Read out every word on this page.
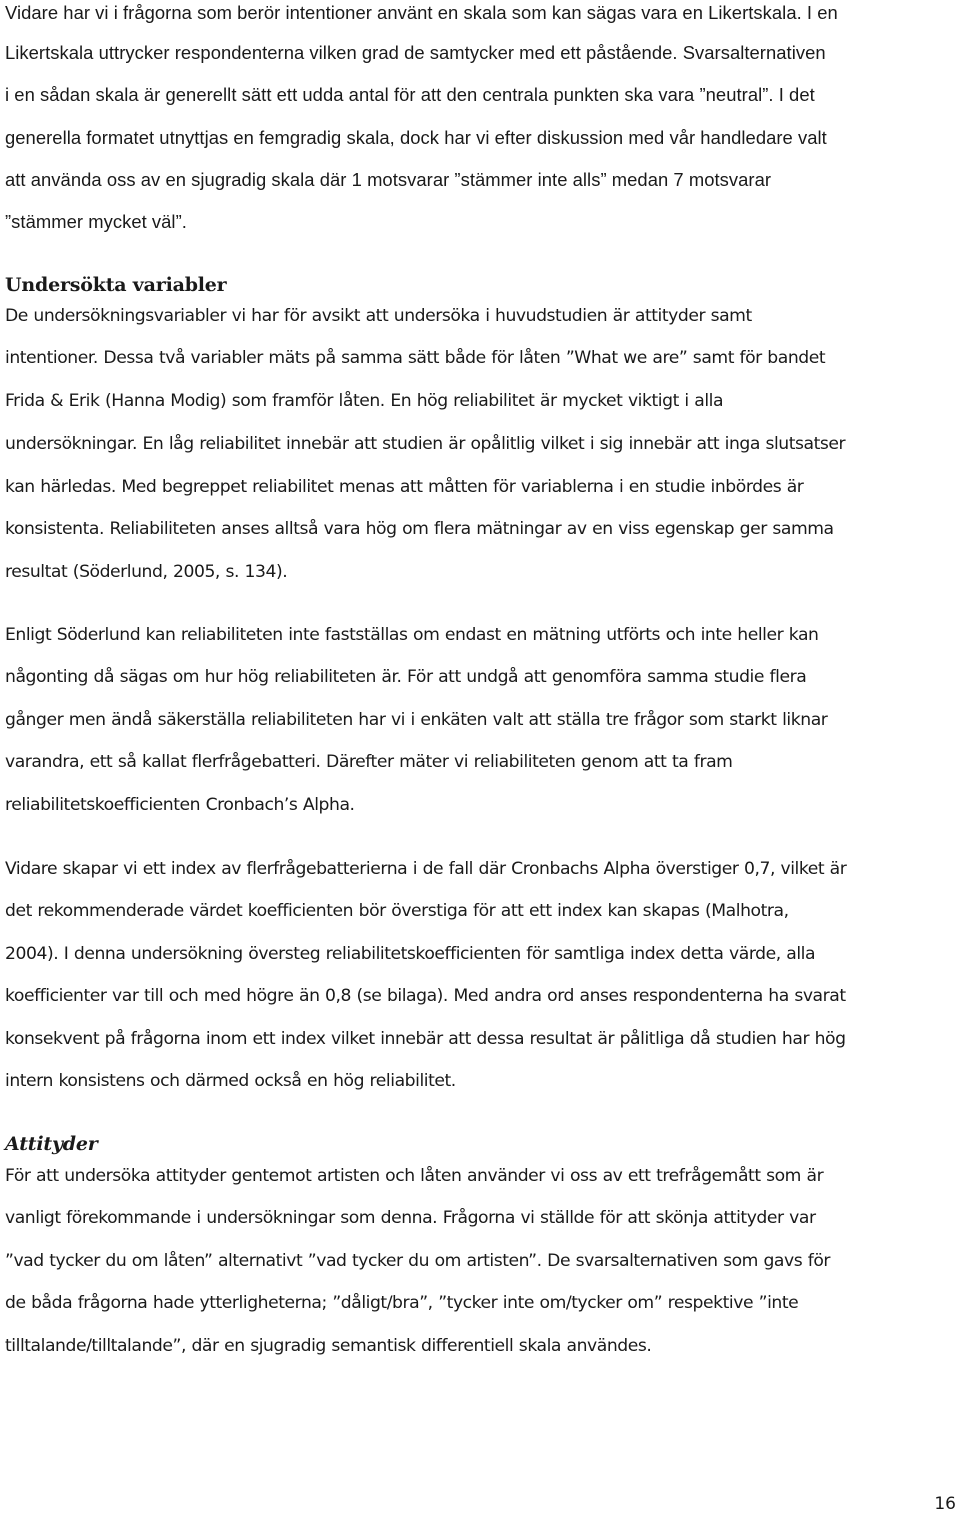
Vidare har vi i frågorna som berör intentioner använt en skala som kan sägas vara en Likertskala. I en
Likertskala uttrycker respondenterna vilken grad de samtycker med ett påstående. Svarsalternativen
i en sådan skala är generellt sätt ett udda antal för att den centrala punkten ska vara ”neutral”. I det
generella formatet utnyttjas en femgradig skala, dock har vi efter diskussion med vår handledare valt
att använda oss av en sjugradig skala där 1 motsvarar ”stämmer inte alls” medan 7 motsvarar
”stämmer mycket väl”.
Undersökta variabler
De undersökningsvariabler vi har för avsikt att undersöka i huvudstudien är attityder samt
intentioner. Dessa två variabler mäts på samma sätt både för låten ”What we are” samt för bandet
Frida & Erik (Hanna Modig) som framför låten. En hög reliabilitet är mycket viktigt i alla
undersökningar. En låg reliabilitet innebär att studien är opålitlig vilket i sig innebär att inga slutsatser
kan härledas. Med begreppet reliabilitet menas att måtten för variablerna i en studie inbördes är
konsistenta. Reliabiliteten anses alltså vara hög om flera mätningar av en viss egenskap ger samma
resultat (Söderlund, 2005, s. 134).
Enligt Söderlund kan reliabiliteten inte fastställas om endast en mätning utförts och inte heller kan
någonting då sägas om hur hög reliabiliteten är. För att undgå att genomföra samma studie flera
gånger men ändå säkerställa reliabiliteten har vi i enkäten valt att ställa tre frågor som starkt liknar
varandra, ett så kallat flerfrågebatteri. Därefter mäter vi reliabiliteten genom att ta fram
reliabilitetskoefficienten Cronbach’s Alpha.
Vidare skapar vi ett index av flerfrågebatterierna i de fall där Cronbachs Alpha överstiger 0,7, vilket är
det rekommenderade värdet koefficienten bör överstiga för att ett index kan skapas (Malhotra,
2004). I denna undersökning översteg reliabilitetskoefficienten för samtliga index detta värde, alla
koefficienter var till och med högre än 0,8 (se bilaga). Med andra ord anses respondenterna ha svarat
konsekvent på frågorna inom ett index vilket innebär att dessa resultat är pålitliga då studien har hög
intern konsistens och därmed också en hög reliabilitet.
Attityder
För att undersöka attityder gentemot artisten och låten använder vi oss av ett trefrågemått som är
vanligt förekommande i undersökningar som denna. Frågorna vi ställde för att skönja attityder var
”vad tycker du om låten” alternativt ”vad tycker du om artisten”. De svarsalternativen som gavs för
de båda frågorna hade ytterligheterna; ”dåligt/bra”, ”tycker inte om/tycker om” respektive ”inte
tilltalande/tilltalande”, där en sjugradig semantisk differentiell skala användes.
16
